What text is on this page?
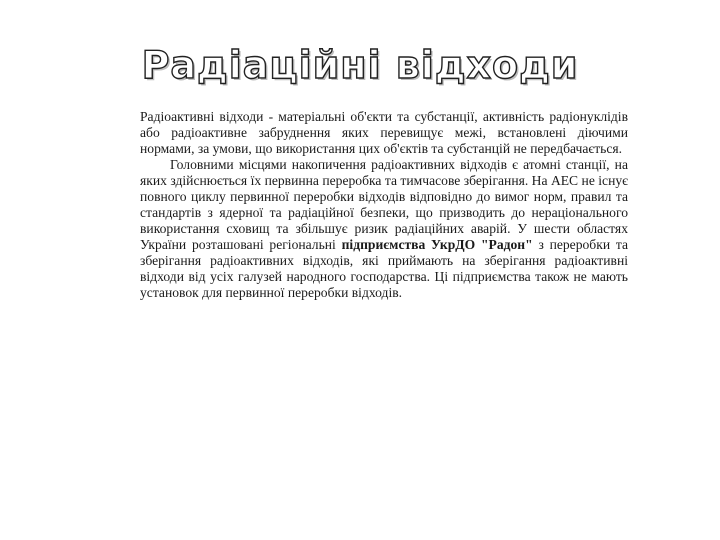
Радіаційні відходи

Радіоактивні відходи - матеріальні об'єкти та субстанції, активність радіонуклідів або радіоактивне забруднення яких перевищує межі, встановлені діючими нормами, за умови, що використання цих об'єктів та субстанцій не передбачається.

Головними місцями накопичення радіоактивних відходів є атомні станції, на яких здійснюється їх первинна переробка та тимчасове зберігання. На АЕС не існує повного циклу первинної переробки відходів відповідно до вимог норм, правил та стандартів з ядерної та радіаційної безпеки, що призводить до нераціонального використання сховищ та збільшує ризик радіаційних аварій. У шести областях України розташовані регіональні підприємства УкрДО "Радон" з переробки та зберігання радіоактивних відходів, які приймають на зберігання радіоактивні відходи від усіх галузей народного господарства. Ці підприємства також не мають установок для первинної переробки відходів.
